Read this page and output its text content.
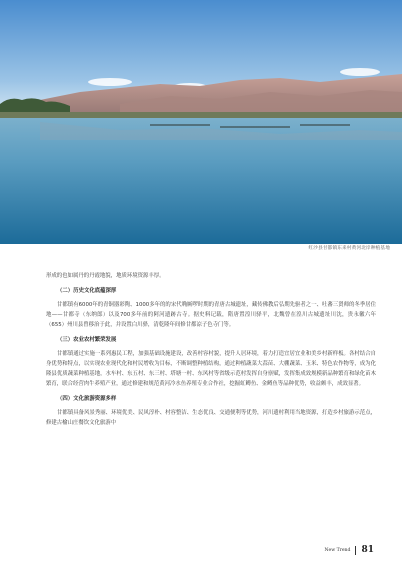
红沙县甘都镇东来村黄河北岸种植基地

形成的也如属丹的丹霞地貌，地质环境资源丰厚。

（二）历史文化底蕴深厚

甘都镇有6000年的青铜器彩陶、1000多年的的宋代唃厮啰时期的青唐古城遗址，藏传佛教后弘期先驱者之一、吐蕃三贤师的冬季居住地——甘都寺（东纳郎）以及700多年前的阿河遗跡古寺。据史料记载，隋唐置湟川驿平，北魏曾在湟川古城遗址川沈，贵永徽六年（655）州川县曾移治于此，并设置白川驿，清乾隆年间修甘都凉子色寺门等。

（三）农业农村繁荣发展

甘都镇通过实施一系列惠民工程，加强基础设施建设，改善村容村貌，提升人居环境，着力打造宜居宜业和美乡村新样板。各村结合自身优势和特点，以实现农业现代化和村民增收为目标，不断调整种植结构，通过种植蔬菜大蒜苗、大棚蔬菜、玉米、特色农作物等，成为化隆县优质蔬菜种植基地，水车村、东五村、东三村、塔塘一村、东风村等省级示范村发挥自身禀赋，发挥集成效规模新品种繁育和绿化苗木繁育，联合经营肉牛养殖产业，通过修建和规范黄河冷水鱼养殖专业合作社，挖掘虹鳟鱼、金鳟鱼等品种优势，收益颇丰，成效显著。

（四）文化旅游资源多样

甘都镇具备风景秀丽、环境优美、民风淳朴、村容整洁、生态优良、交通便利等优势，河川遗村利用当地资源，打造乡村旅游示范点，修建古榆山庄餐饮文化旅游中

New Trend 81
